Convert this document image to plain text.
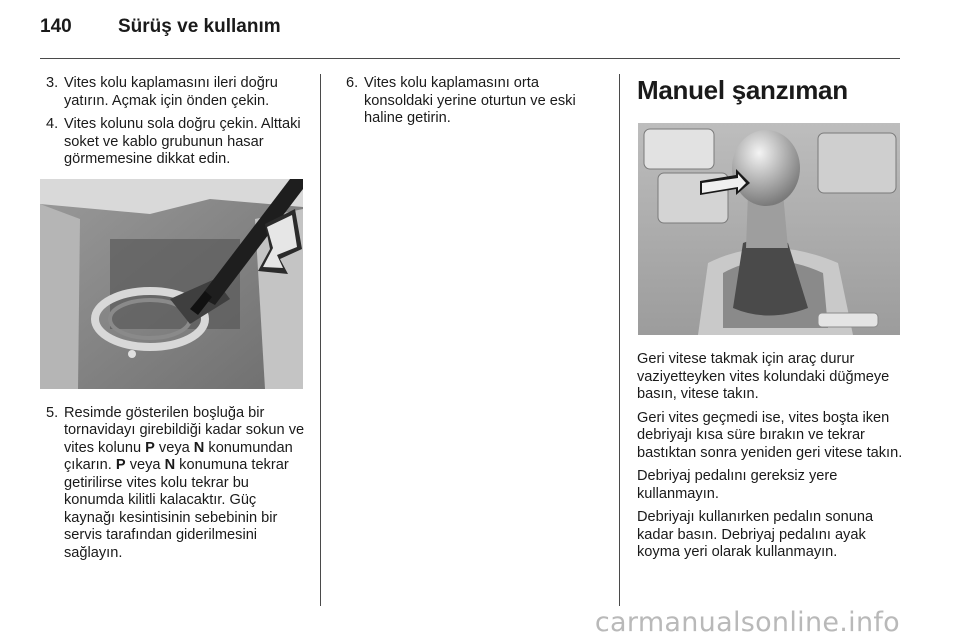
140 Sürüş ve kullanım
3. Vites kolu kaplamasını ileri doğru yatırın. Açmak için önden çekin.
4. Vites kolunu sola doğru çekin. Alttaki soket ve kablo grubunun hasar görmemesine dikkat edin.
5. Resimde gösterilen boşluğa bir tornavidayı girebildiği kadar sokun ve vites kolunu P veya N konumundan çıkarın. P veya N konumuna tekrar getirilirse vites kolu tekrar bu konumda kilitli kalacaktır. Güç kaynağı kesintisinin sebebinin bir servis tarafından giderilmesini sağlayın.
6. Vites kolu kaplamasını orta konsoldaki yerine oturtun ve eski haline getirin.
Manuel şanzıman

Geri vitese takmak için araç durur vaziyetteyken vites kolundaki düğmeye basın, vitese takın.

Geri vites geçmedi ise, vites boşta iken debriyajı kısa süre bırakın ve tekrar bastıktan sonra yeniden geri vitese takın.

Debriyaj pedalını gereksiz yere kullanmayın.

Debriyajı kullanırken pedalın sonuna kadar basın. Debriyaj pedalını ayak koyma yeri olarak kullanmayın.

carmanualsonline.info
